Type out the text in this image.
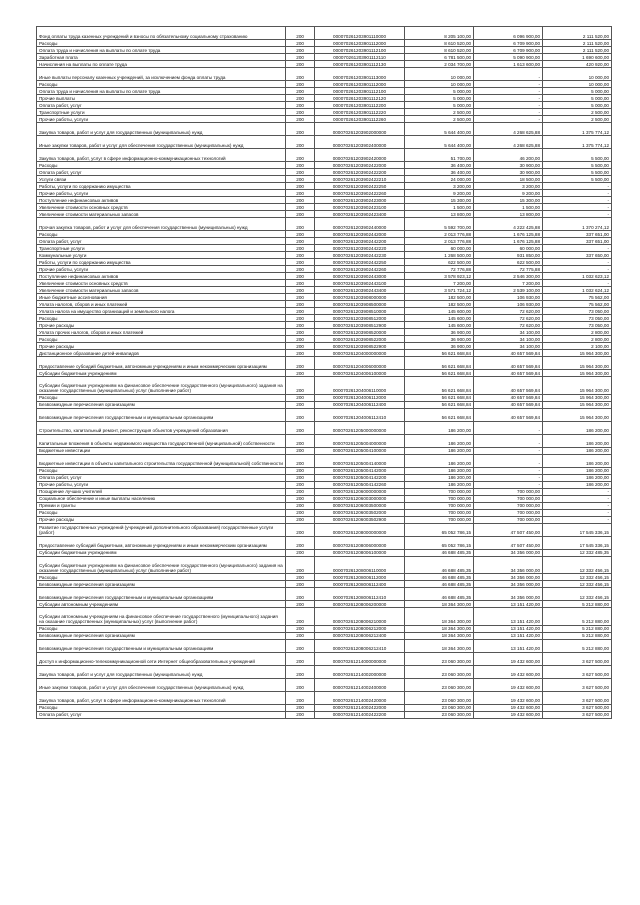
Фонд оплаты труда казенных учреждений и взносы по обязательному социальному страхованию	200	000070261203901110000	8 205 100,00	6 096 900,00	2 111 520,00
Расходы	200	000070261203901112000	8 610 520,00	6 709 900,00	2 111 520,00
Оплата труда и начисления на выплаты по оплате труда	200	000070261203901112100	8 610 520,00	6 709 900,00	2 111 520,00
Заработная плата	200	000070261203901112110	6 781 500,00	5 090 900,00	1 690 600,00
Начисления на выплаты по оплате труда	200	000070261203901112130	2 034 700,00	1 613 600,00	420 920,00
Иные выплаты персоналу казенных учреждений, за исключением фонда оплаты труда	200	000070261203901113000	10 000,00	-	10 000,00
Расходы	200	000070261203901112000	10 000,00	-	10 000,00
Оплата труда и начисления на выплаты по оплате труда	200	000070261203901112100	5 000,00	-	5 000,00
Прочие выплаты	200	000070261203901112120	5 000,00	-	5 000,00
Оплата работ, услуг	200	000070261203901112200	5 000,00	-	5 000,00
Транспортные услуги	200	000070261203901112220	2 500,00	-	2 500,00
Прочие работы, услуги	200	000070261203901112260	2 500,00	-	2 500,00
Закупка товаров, работ и услуг для государственных (муниципальных) нужд	200	000070261203902000000	5 644 400,00	4 268 625,88	1 375 774,12
Иные закупки товаров, работ и услуг для обеспечения государственных (муниципальных) нужд	200	000070261203902400000	5 644 400,00	4 268 625,88	1 375 774,12
Закупка товаров, работ, услуг в сфере информационно-коммуникационных технологий	200	000070261203902420000	51 700,00	46 200,00	5 500,00
Расходы	200	000070261203902422000	36 400,00	30 900,00	5 500,00
Оплата работ, услуг	200	000070261203902422200	36 400,00	30 900,00	5 500,00
Услуги связи	200	000070261203902422210	24 000,00	18 500,00	5 500,00
Работы, услуги по содержанию имущества	200	000070261203902422250	3 200,00	3 200,00	-
Прочие работы, услуги	200	000070261203902422260	9 200,00	9 200,00	-
Поступление нефинансовых активов	200	000070261203902423000	15 300,00	15 300,00	-
Увеличение стоимости основных средств	200	000070261203902423100	1 500,00	1 500,00	-
Увеличение стоимости материальных запасов	200	000070261203902423400	13 800,00	13 800,00	-
Прочая закупка товаров, работ и услуг для обеспечения государственных (муниципальных) нужд	200	000070261203902440000	5 592 700,00	4 222 425,88	1 370 274,12
Расходы	200	000070261203902442000	2 013 776,88	1 676 125,88	337 651,00
Оплата работ, услуг	200	000070261203902442200	2 013 776,88	1 676 125,88	337 651,00
Транспортные услуги	200	000070261203902442220	60 000,00	60 000,00	-
Коммунальные услуги	200	000070261203902442230	1 268 500,00	931 850,00	337 650,00
Работы, услуги по содержанию имущества	200	000070261203902442250	622 500,00	622 500,00	-
Прочие работы, услуги	200	000070261203902442260	72 776,88	72 775,88	-
Поступление нефинансовых активов	200	000070261203902443000	3 578 923,12	2 546 300,00	1 032 623,12
Увеличение стоимости основных средств	200	000070261203902443100	7 200,00	7 200,00	-
Увеличение стоимости материальных запасов	200	000070261203902443400	3 571 724,12	2 539 100,00	1 032 624,12
Иные бюджетные ассигнования	200	000070261203908000000	182 500,00	106 930,00	75 562,00
Уплата налогов, сборов и иных платежей	200	000070261203908500000	182 500,00	106 930,00	75 562,00
Уплата налога на имущество организаций и земельного налога	200	000070261203908510000	145 600,00	72 620,00	73 050,00
Расходы	200	000070261203908512000	145 600,00	72 620,00	73 050,00
Прочие расходы	200	000070261203908512900	145 600,00	72 620,00	73 050,00
Уплата прочих налогов, сборов и иных платежей	200	000070261203908520000	36 900,00	34 100,00	2 800,00
Расходы	200	000070261203908522000	36 900,00	34 100,00	2 800,00
Прочие расходы	200	000070261203908522900	36 900,00	34 100,00	2 100,00
Дистанционное образование детей-инвалидов	200	000070261204000000000	56 621 668,84	40 657 569,84	15 964 300,00
Предоставление субсидий бюджетным, автономным учреждениям и иным некоммерческим организациям	200	000070261204006000000	56 621 668,84	40 657 569,84	15 964 300,00
Субсидии бюджетным учреждениям	200	000070261204006100000	56 621 668,84	40 657 569,84	15 964 300,00
Субсидии бюджетным учреждениям на финансовое обеспечение государственного (муниципального) задания на оказание государственных (муниципальных) услуг (выполнение работ)	200	000070261204006110000	56 621 668,84	40 657 569,84	15 964 300,00
Расходы	200	000070261204006112000	56 621 668,84	40 657 569,84	15 964 300,00
Безвозмездные перечисления организациям	200	000070261204006112400	56 621 668,84	40 657 569,84	15 964 300,00
Безвозмездные перечисления государственным и муниципальным организациям	200	000070261204006112410	56 621 668,84	40 657 569,84	15 964 300,00
Строительство, капитальный ремонт, реконструкция объектов учреждений образования	200	000070261205000000000	186 200,00	-	186 200,00
Капитальные вложения в объекты недвижимого имущества государственной (муниципальной) собственности	200	000070261205004000000	186 200,00	-	186 200,00
Бюджетные инвестиции	200	000070261205004100000	186 200,00	-	186 200,00
Бюджетные инвестиции в объекты капитального строительства государственной (муниципальной) собственности	200	000070261205004140000	186 200,00	-	186 200,00
Расходы	200	000070261205004142000	186 200,00	-	186 200,00
Оплата работ, услуг	200	000070261205004142200	186 200,00	-	186 200,00
Прочие работы, услуги	200	000070261205004142260	186 200,00	-	186 200,00
Поощрение лучших учителей	200	000070261206000000000	700 000,00	700 000,00	-
Социальное обеспечение и иные выплаты населению	200	000070261206003000000	700 000,00	700 000,00	-
Премии и гранты	200	000070261206003500000	700 000,00	700 000,00	-
Расходы	200	000070261206003502000	700 000,00	700 000,00	-
Прочие расходы	200	000070261206003502900	700 000,00	700 000,00	-
Развитие государственных учреждений (учреждений дополнительного образования) государственные услуги (работ)	200	000070261208000000000	65 052 786,15	47 507 450,00	17 545 336,15
Предоставление субсидий бюджетным, автономным учреждениям и иным некоммерческим организациям	200	000070261208006000000	65 052 786,15	47 507 450,00	17 545 336,15
Субсидии бюджетным учреждениям	200	000070261208006100000	46 688 485,35	34 356 000,00	12 332 485,35
Субсидии бюджетным учреждениям на финансовое обеспечение государственного (муниципального) задания на оказание государственных (муниципальных) услуг (выполнение работ)	200	000070261208006110000	46 688 485,35	34 356 000,00	12 332 456,15
Расходы	200	000070261208006112000	46 688 485,35	34 356 000,00	12 332 456,15
Безвозмездные перечисления организациям	200	000070261208006112400	46 688 485,35	34 356 000,00	12 332 456,15
Безвозмездные перечисления государственным и муниципальным организациям	200	000070261208006112410	46 688 485,35	34 356 000,00	12 332 456,15
Субсидии автономным учреждениям	200	000070261208006200000	18 364 300,00	13 151 420,00	5 212 880,00
Субсидии автономным учреждениям на финансовое обеспечение государственного (муниципального) задания на оказание государственных (муниципальных) услуг (выполнение работ)	200	000070261208006210000	18 364 300,00	13 151 420,00	5 212 880,00
Расходы	200	000070261208006212000	18 364 300,00	13 151 420,00	5 212 880,00
Безвозмездные перечисления организациям	200	000070261208006212400	18 364 300,00	13 151 420,00	5 212 880,00
Безвозмездные перечисления государственным и муниципальным организациям	200	000070261208006212410	18 364 300,00	13 151 420,00	5 212 880,00
Доступ к информационно-телекоммуникационной сети Интернет общеобразовательных учреждений	200	000070261214000000000	23 060 300,00	19 432 600,00	3 627 500,00
Закупка товаров, работ и услуг для государственных (муниципальных) нужд	200	000070261214002000000	23 060 300,00	19 432 600,00	3 627 500,00
Иные закупки товаров, работ и услуг для обеспечения государственных (муниципальных) нужд	200	000070261214002400000	23 060 300,00	19 432 600,00	3 627 500,00
Закупка товаров, работ, услуг в сфере информационно-коммуникационных технологий	200	000070261214002420000	23 060 300,00	19 432 600,00	3 627 500,00
Расходы	200	000070261214002422000	23 060 300,00	19 432 600,00	3 627 500,00
Оплата работ, услуг	200	000070261214002422200	23 060 300,00	19 432 600,00	3 627 500,00
